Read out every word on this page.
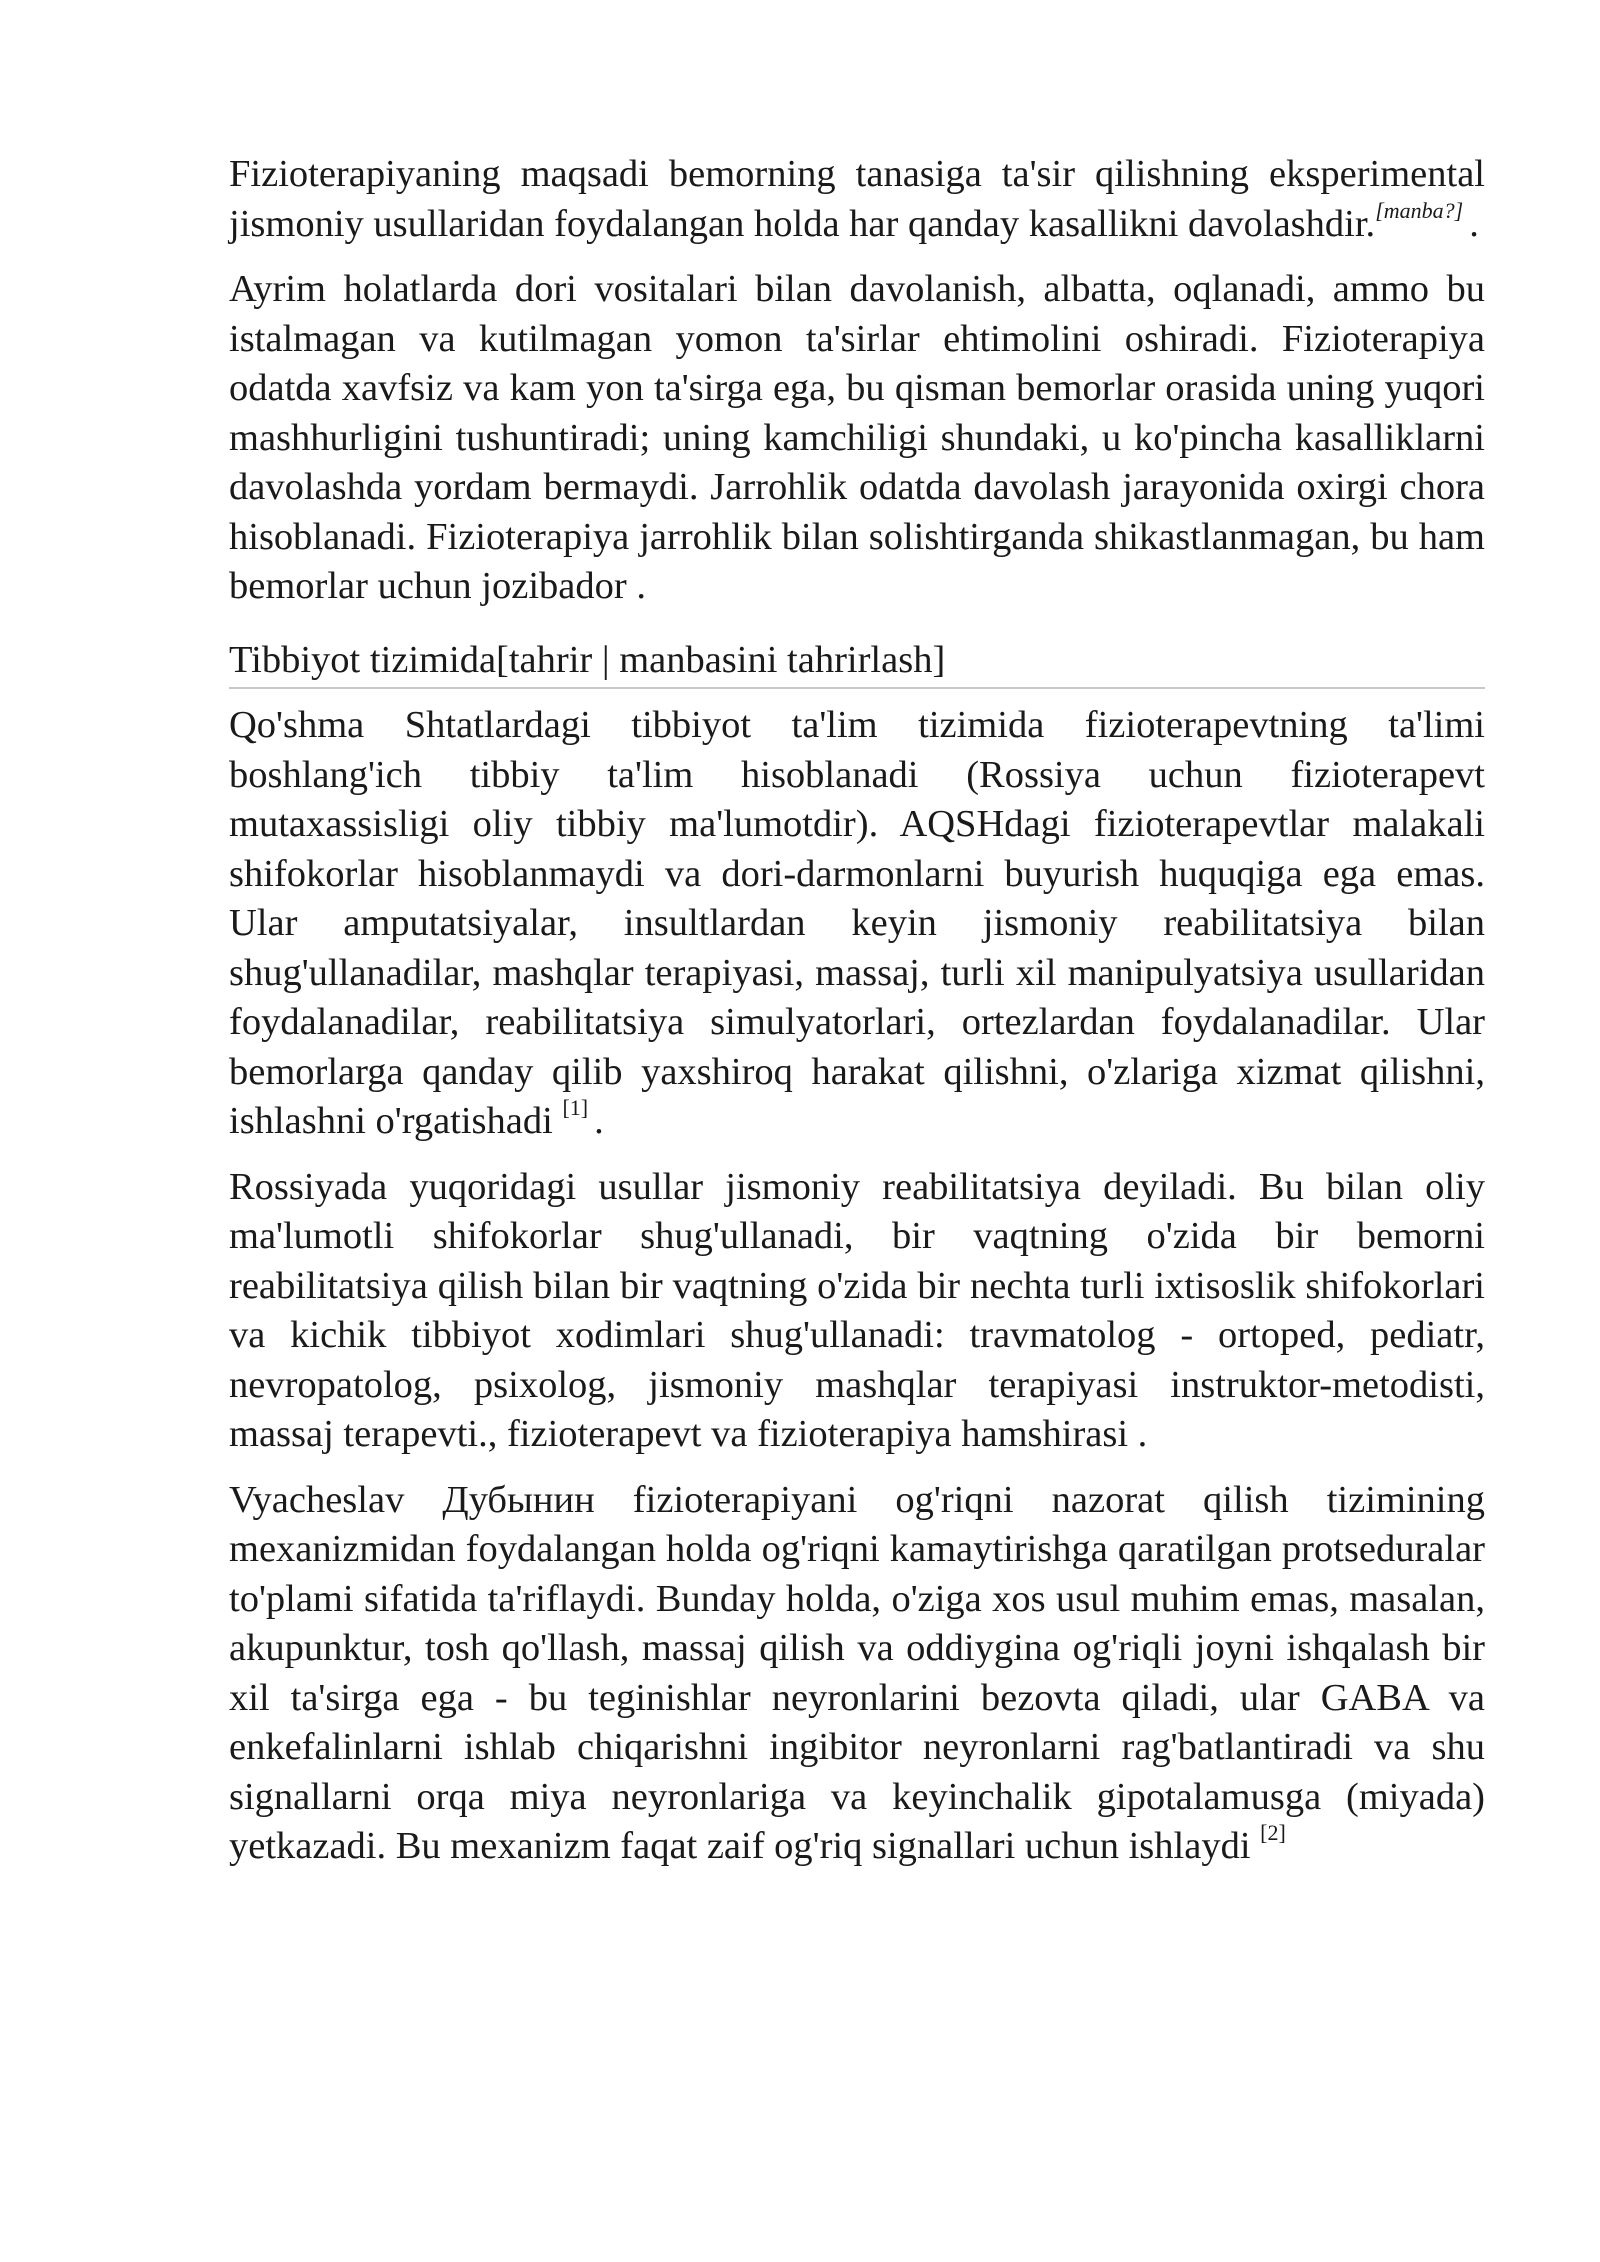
Fizioterapiyaning maqsadi bemorning tanasiga ta'sir qilishning eksperimental jismoniy usullaridan foydalangan holda har qanday kasallikni davolashdir.[manba?] .

Ayrim holatlarda dori vositalari bilan davolanish, albatta, oqlanadi, ammo bu istalmagan va kutilmagan yomon ta'sirlar ehtimolini oshiradi. Fizioterapiya odatda xavfsiz va kam yon ta'sirga ega, bu qisman bemorlar orasida uning yuqori mashhurligini tushuntiradi; uning kamchiligi shundaki, u ko'pincha kasalliklarni davolashda yordam bermaydi. Jarrohlik odatda davolash jarayonida oxirgi chora hisoblanadi. Fizioterapiya jarrohlik bilan solishtirganda shikastlanmagan, bu ham bemorlar uchun jozibador .

Tibbiyot tizimida[tahrir | manbasini tahrirlash]

Qo'shma Shtatlardagi tibbiyot ta'lim tizimida fizioterapevtning ta'limi boshlang'ich tibbiy ta'lim hisoblanadi (Rossiya uchun fizioterapevt mutaxassisligi oliy tibbiy ma'lumotdir). AQSHdagi fizioterapevtlar malakali shifokorlar hisoblanmaydi va dori-darmonlarni buyurish huquqiga ega emas. Ular amputatsiyalar, insultlardan keyin jismoniy reabilitatsiya bilan shug'ullanadilar, mashqlar terapiyasi, massaj, turli xil manipulyatsiya usullaridan foydalanadilar, reabilitatsiya simulyatorlari, ortezlardan foydalanadilar. Ular bemorlarga qanday qilib yaxshiroq harakat qilishni, o'zlariga xizmat qilishni, ishlashni o'rgatishadi [1] .

Rossiyada yuqoridagi usullar jismoniy reabilitatsiya deyiladi. Bu bilan oliy ma'lumotli shifokorlar shug'ullanadi, bir vaqtning o'zida bir bemorni reabilitatsiya qilish bilan bir vaqtning o'zida bir nechta turli ixtisoslik shifokorlari va kichik tibbiyot xodimlari shug'ullanadi: travmatolog - ortoped, pediatr, nevropatolog, psixolog, jismoniy mashqlar terapiyasi instruktor-metodisti, massaj terapevti., fizioterapevt va fizioterapiya hamshirasi .

Vyacheslav Дубынин fizioterapiyani og'riqni nazorat qilish tizimining mexanizmidan foydalangan holda og'riqni kamaytirishga qaratilgan protseduralar to'plami sifatida ta'riflaydi. Bunday holda, o'ziga xos usul muhim emas, masalan, akupunktur, tosh qo'llash, massaj qilish va oddiygina og'riqli joyni ishqalash bir xil ta'sirga ega - bu teginishlar neyronlarini bezovta qiladi, ular GABA va enkefalinlarni ishlab chiqarishni ingibitor neyronlarni rag'batlantiradi va shu signallarni orqa miya neyronlariga va keyinchalik gipotalamusga (miyada) yetkazadi. Bu mexanizm faqat zaif og'riq signallari uchun ishlaydi [2]
